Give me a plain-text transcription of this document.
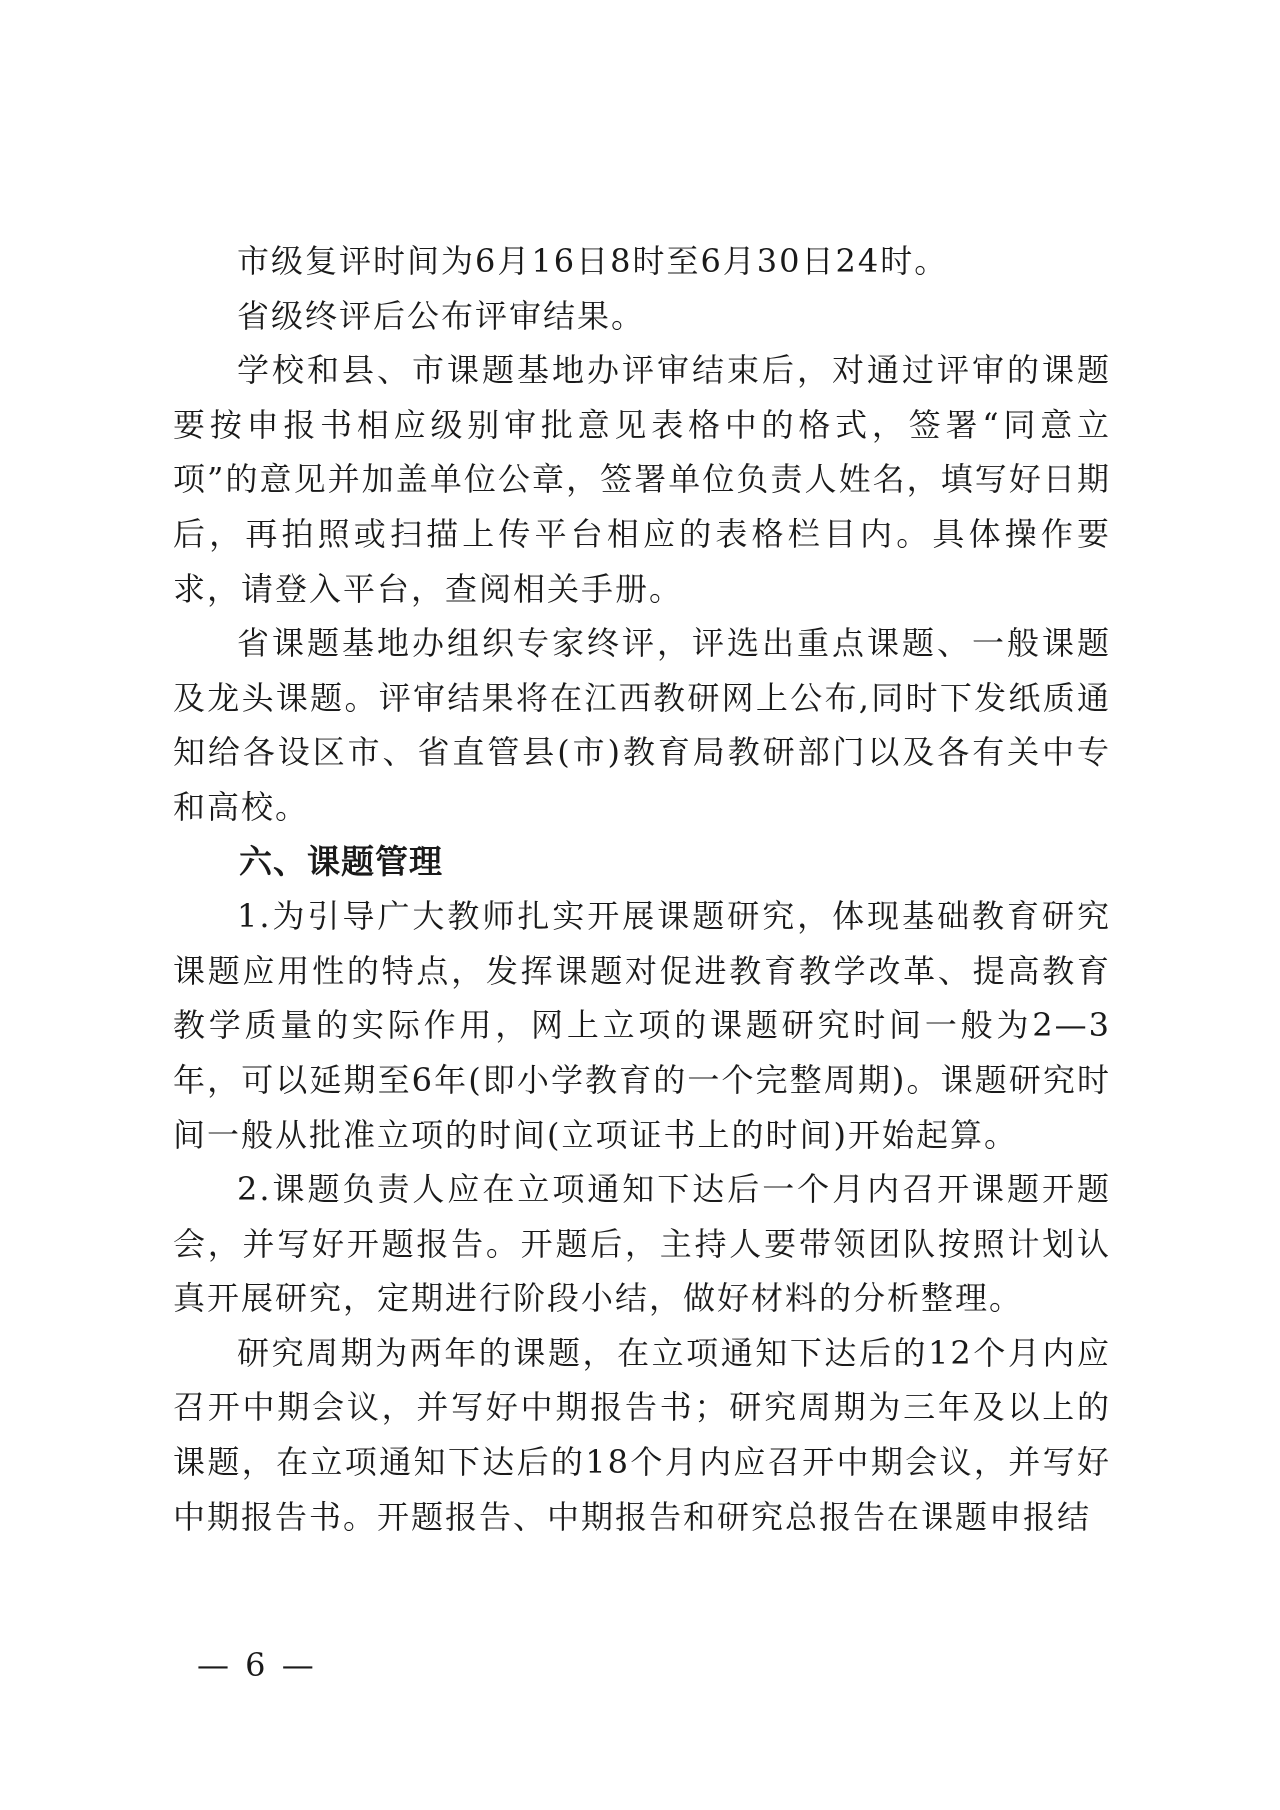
市级复评时间为6月16日8时至6月30日24时。

省级终评后公布评审结果。

学校和县、市课题基地办评审结束后，对通过评审的课题要按申报书相应级别审批意见表格中的格式，签署“同意立项”的意见并加盖单位公章，签署单位负责人姓名，填写好日期后，再拍照或扫描上传平台相应的表格栏目内。具体操作要求，请登入平台，查阅相关手册。

省课题基地办组织专家终评，评选出重点课题、一般课题及龙头课题。评审结果将在江西教研网上公布,同时下发纸质通知给各设区市、省直管县(市)教育局教研部门以及各有关中专和高校。

六、课题管理

1.为引导广大教师扎实开展课题研究，体现基础教育研究课题应用性的特点，发挥课题对促进教育教学改革、提高教育教学质量的实际作用，网上立项的课题研究时间一般为2—3年，可以延期至6年(即小学教育的一个完整周期)。课题研究时间一般从批准立项的时间(立项证书上的时间)开始起算。

2.课题负责人应在立项通知下达后一个月内召开课题开题会，并写好开题报告。开题后，主持人要带领团队按照计划认真开展研究，定期进行阶段小结，做好材料的分析整理。

研究周期为两年的课题，在立项通知下达后的12个月内应召开中期会议，并写好中期报告书；研究周期为三年及以上的课题，在立项通知下达后的18个月内应召开中期会议，并写好中期报告书。开题报告、中期报告和研究总报告在课题申报结

— 6 —
